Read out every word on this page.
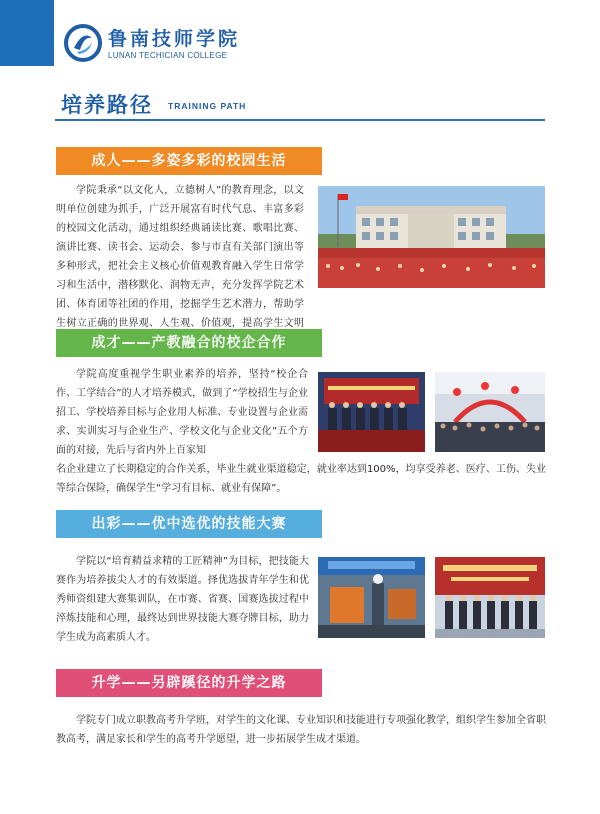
鲁南技师学院
LUNAN TECHICIAN COLLEGE
培养路径 TRAINING PATH
成人——多姿多彩的校园生活

学院秉承“以文化人，立德树人”的教育理念，以文明单位创建为抓手，广泛开展富有时代气息、丰富多彩的校园文化活动，通过组织经典诵读比赛、歌唱比赛、演讲比赛、读书会、运动会、参与市直有关部门演出等多种形式，把社会主义核心价值观教育融入学生日常学习和生活中，潜移默化、润物无声，充分发挥学院艺术团、体育团等社团的作用，挖掘学生艺术潜力，帮助学生树立正确的世界观、人生观、价值观，提高学生文明

成才——产教融合的校企合作

学院高度重视学生职业素养的培养，坚持“校企合作、工学结合”的人才培养模式，做到了“学校招生与企业招工、学校培养目标与企业用人标准、专业设置与企业需求、实训实习与企业生产、学校文化与企业文化”五个方面的对接，先后与省内外上百家知

名企业建立了长期稳定的合作关系，毕业生就业渠道稳定，就业率达到100%，均享受养老、医疗、工伤、失业等综合保险，确保学生“学习有目标、就业有保障”。

出彩——优中选优的技能大赛

学院以“培育精益求精的工匠精神”为目标，把技能大赛作为培养拔尖人才的有效渠道。择优选拔青年学生和优秀师资组建大赛集训队，在市赛、省赛、国赛选拔过程中淬炼技能和心理，最终达到世界技能大赛夺牌目标，助力学生成为高素质人才。

升学——另辟蹊径的升学之路

学院专门成立职教高考升学班，对学生的文化课、专业知识和技能进行专项强化教学，组织学生参加全省职教高考，满足家长和学生的高考升学愿望，进一步拓展学生成才渠道。
